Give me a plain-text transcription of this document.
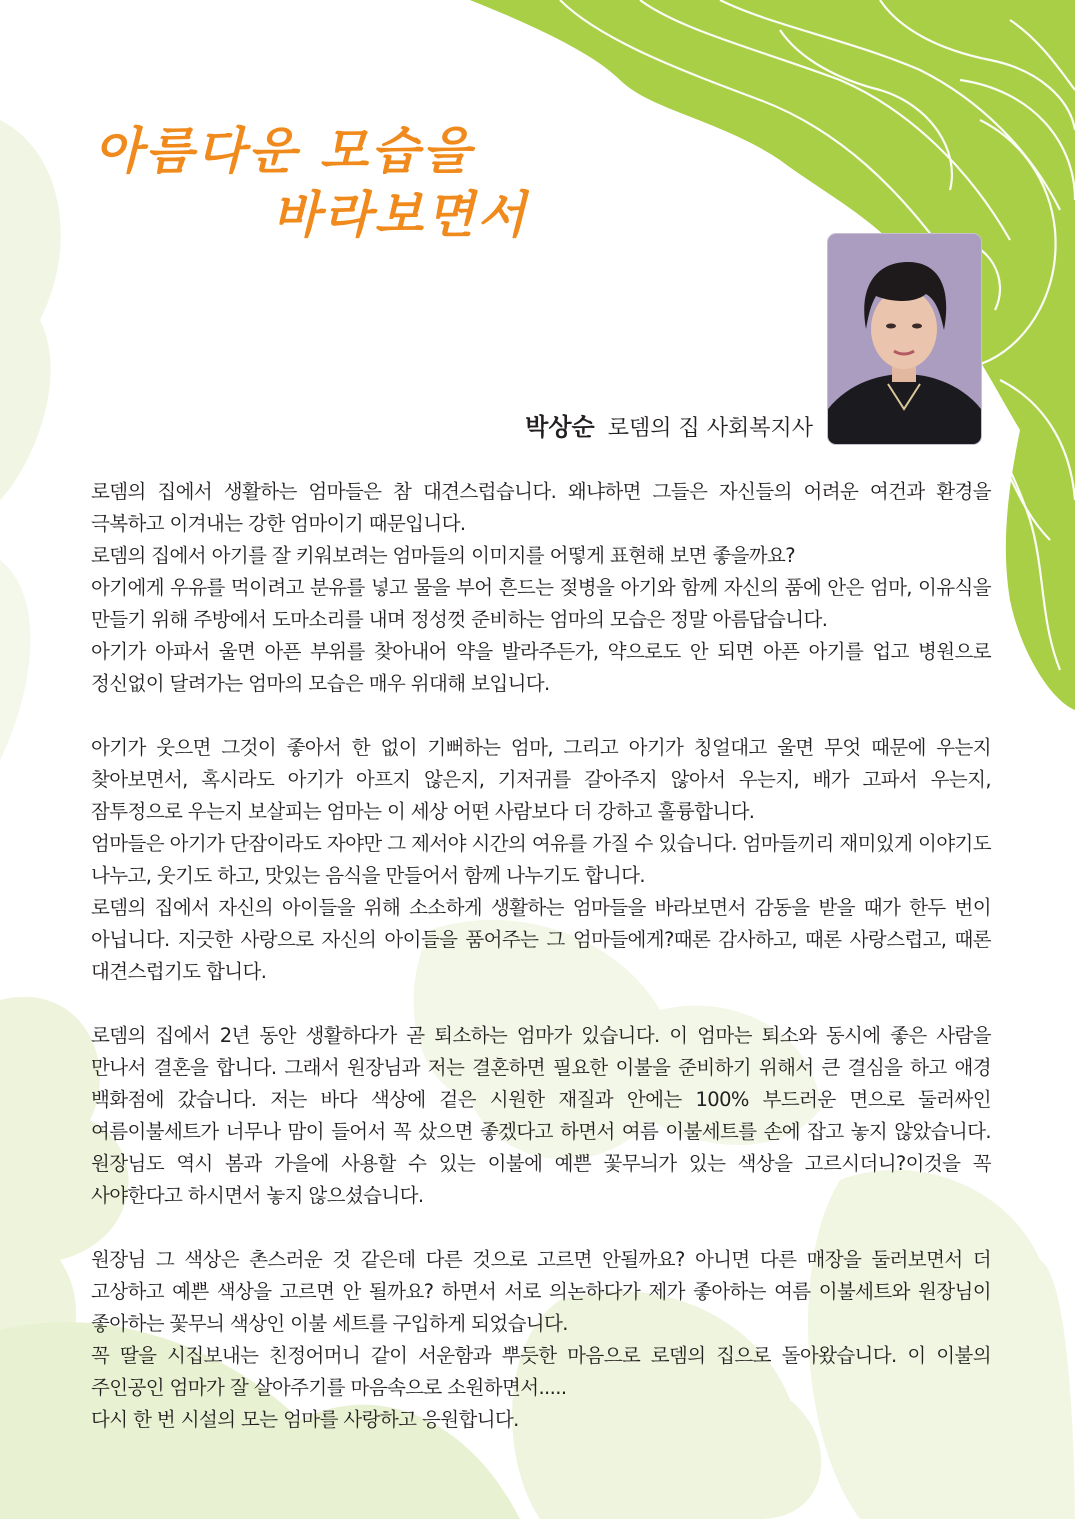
아름다운 모습을
바라보면서
박상순 로뎀의 집 사회복지사

로뎀의 집에서 생활하는 엄마들은 참 대견스럽습니다. 왜냐하면 그들은 자신들의 어려운 여건과 환경을 극복하고 이겨내는 강한 엄마이기 때문입니다.

로뎀의 집에서 아기를 잘 키워보려는 엄마들의 이미지를 어떻게 표현해 보면 좋을까요?

아기에게 우유를 먹이려고 분유를 넣고 물을 부어 흔드는 젖병을 아기와 함께 자신의 품에 안은 엄마, 이유식을 만들기 위해 주방에서 도마소리를 내며 정성껏 준비하는 엄마의 모습은 정말 아름답습니다.

아기가 아파서 울면 아픈 부위를 찾아내어 약을 발라주든가, 약으로도 안 되면 아픈 아기를 업고 병원으로 정신없이 달려가는 엄마의 모습은 매우 위대해 보입니다.

아기가 웃으면 그것이 좋아서 한 없이 기뻐하는 엄마, 그리고 아기가 칭얼대고 울면 무엇 때문에 우는지 찾아보면서, 혹시라도 아기가 아프지 않은지, 기저귀를 갈아주지 않아서 우는지, 배가 고파서 우는지, 잠투정으로 우는지 보살피는 엄마는 이 세상 어떤 사람보다 더 강하고 훌륭합니다.

엄마들은 아기가 단잠이라도 자야만 그 제서야 시간의 여유를 가질 수 있습니다. 엄마들끼리 재미있게 이야기도 나누고, 웃기도 하고, 맛있는 음식을 만들어서 함께 나누기도 합니다.

로뎀의 집에서 자신의 아이들을 위해 소소하게 생활하는 엄마들을 바라보면서 감동을 받을 때가 한두 번이 아닙니다. 지긋한 사랑으로 자신의 아이들을 품어주는 그 엄마들에게?때론 감사하고, 때론 사랑스럽고, 때론 대견스럽기도 합니다.

로뎀의 집에서 2년 동안 생활하다가 곧 퇴소하는 엄마가 있습니다. 이 엄마는 퇴소와 동시에 좋은 사람을 만나서 결혼을 합니다. 그래서 원장님과 저는 결혼하면 필요한 이불을 준비하기 위해서 큰 결심을 하고 애경 백화점에 갔습니다. 저는 바다 색상에 겉은 시원한 재질과 안에는 100% 부드러운 면으로 둘러싸인 여름이불세트가 너무나 맘이 들어서 꼭 샀으면 좋겠다고 하면서 여름 이불세트를 손에 잡고 놓지 않았습니다. 원장님도 역시 봄과 가을에 사용할 수 있는 이불에 예쁜 꽃무늬가 있는 색상을 고르시더니?이것을 꼭 사야한다고 하시면서 놓지 않으셨습니다.

원장님 그 색상은 촌스러운 것 같은데 다른 것으로 고르면 안될까요? 아니면 다른 매장을 둘러보면서 더 고상하고 예쁜 색상을 고르면 안 될까요? 하면서 서로 의논하다가 제가 좋아하는 여름 이불세트와 원장님이 좋아하는 꽃무늬 색상인 이불 세트를 구입하게 되었습니다.

꼭 딸을 시집보내는 친정어머니 같이 서운함과 뿌듯한 마음으로 로뎀의 집으로 돌아왔습니다. 이 이불의 주인공인 엄마가 잘 살아주기를 마음속으로 소원하면서.....

다시 한 번 시설의 모는 엄마를 사랑하고 응원합니다.
